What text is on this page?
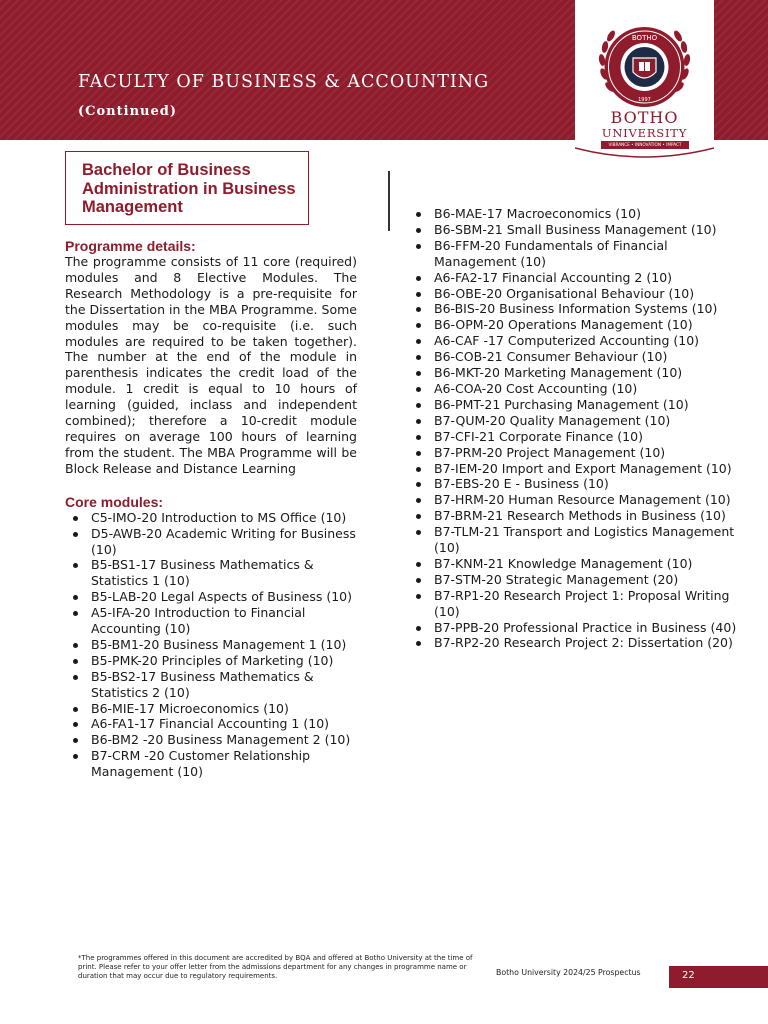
FACULTY OF BUSINESS & ACCOUNTING
(Continued)
BOTHO
1997
BOTHO
UNIVERSITY
VIBRANCE • INNOVATION • IMPACT
Bachelor of Business Administration in Business Management
Programme details:

The programme consists of 11 core (required) modules and 8 Elective Modules. The Research Methodology is a pre-requisite for the Dissertation in the MBA Programme. Some modules may be co-requisite (i.e. such modules are required to be taken together). The number at the end of the module in parenthesis indicates the credit load of the module. 1 credit is equal to 10 hours of learning (guided, inclass and independent combined); therefore a 10-credit module requires on average 100 hours of learning from the student. The MBA Programme will be Block Release and Distance Learning

Core modules:
C5-IMO-20 Introduction to MS Office (10)
D5-AWB-20 Academic Writing for Business (10)
B5-BS1-17 Business Mathematics & Statistics 1 (10)
B5-LAB-20 Legal Aspects of Business (10)
A5-IFA-20 Introduction to Financial Accounting (10)
B5-BM1-20 Business Management 1 (10)
B5-PMK-20 Principles of Marketing (10)
B5-BS2-17 Business Mathematics & Statistics 2 (10)
B6-MIE-17 Microeconomics (10)
A6-FA1-17 Financial Accounting 1 (10)
B6-BM2 -20 Business Management 2 (10)
B7-CRM -20 Customer Relationship Management (10)
B6-MAE-17 Macroeconomics (10)
B6-SBM-21 Small Business Management (10)
B6-FFM-20 Fundamentals of Financial Management (10)
A6-FA2-17 Financial Accounting 2 (10)
B6-OBE-20 Organisational Behaviour (10)
B6-BIS-20 Business Information Systems (10)
B6-OPM-20 Operations Management (10)
A6-CAF -17 Computerized Accounting (10)
B6-COB-21 Consumer Behaviour (10)
B6-MKT-20 Marketing Management (10)
A6-COA-20 Cost Accounting (10)
B6-PMT-21 Purchasing Management (10)
B7-QUM-20 Quality Management (10)
B7-CFI-21 Corporate Finance (10)
B7-PRM-20 Project Management (10)
B7-IEM-20 Import and Export Management (10)
B7-EBS-20 E - Business (10)
B7-HRM-20 Human Resource Management (10)
B7-BRM-21 Research Methods in Business (10)
B7-TLM-21 Transport and Logistics Management (10)
B7-KNM-21 Knowledge Management (10)
B7-STM-20 Strategic Management (20)
B7-RP1-20 Research Project 1: Proposal Writing (10)
B7-PPB-20 Professional Practice in Business (40)
B7-RP2-20 Research Project 2: Dissertation (20)
*The programmes offered in this document are accredited by BQA and offered at Botho University at the time of print. Please refer to your offer letter from the admissions department for any changes in programme name or duration that may occur due to regulatory requirements.	Botho University 2024/25 Prospectus	22
